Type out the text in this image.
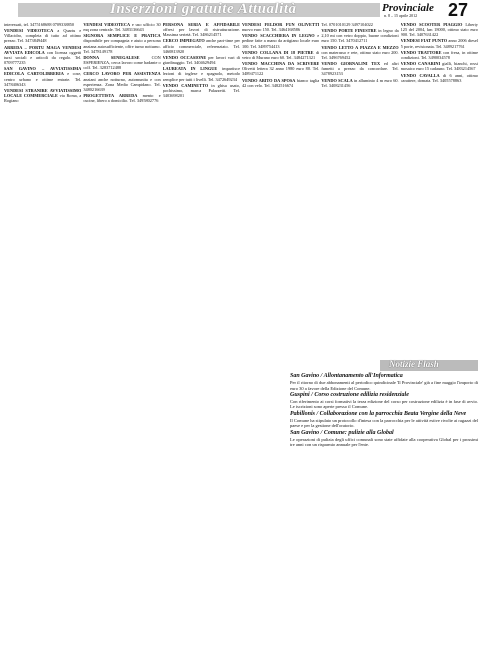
Inserzioni gratuite Attualità	Provinciale
n. 8 – 15 aprile 2012 27

interessati, tel. 3475168688 0709338850

VENDESI VIDEOTECA a Quartu e Villacidro, completa di tutto ad ottimo prezzo. Tel. 3473849448

ARREDA – PORTU MAGA VENDESI AVVIATA EDICOLA con licenza oggetti tursi sociali e articoli da regalo. Tel. 0709777235

SAN GAVINO – AVVIATISSIMA EDICOLA CARTOLIBRERIA e cose, centro urbano e ottime entrate. Tel. 3478406343

VENDESI STRANIRE AVVIATISSIMO LOCALE COMMERCIALE via Roma, a Rogiano

VENDESI VIDEOTECA e uso ufficio 30 mq zona centrale. Tel. 3483136643

SIGNORA SEMPLICE E PRATICA disponibile per compagnia e aiuto a persona anziana autosufficiente, offre turno notturno. Tel. 3478149178

DONNA SENEGALESE	CON ESPERIENZA, cerca lavoro come badante o colf. Tel. 3283712488

CERCO LAVORO PER ASSISTENZA anziani anche notturno, automunita e con esperienza. Zona Medio Campidano. Tel. 3480216639

PROGETTISTA ARREDA mento e cucine, libero a domicilio. Tel. 3495802776

PERSONA SERIA E AFFIDABILE offresi per lavori di ristrutturazione. Massima serietà. Tel. 3486214571

CERCO IMPIEGATO anche part-time per ufficio commerciale, referenziato. Tel. 3460813920

VENDO OCCASIONE per lavori vari di giardinaggio. Tel. 3404629494

LAUREATA IN LINGUE impartisce lezioni di inglese e spagnolo, metodo semplice per tutti i livelli. Tel. 3472649234

VENDO CAMINETTO in ghisa usato, pochissimo, marca Palazzetti. Tel. 3403698201

VENDESI FELDOR FUN OLIVETTI nuovo euro 150. Tel. 3464168586

VENDO SCACCHIERA IN LEGNO e pedine fatte a mano da artigiano locale euro 100. Tel. 3489754413

VENDO COLLANA DI 18 PIETRE di vetro di Murano euro 60. Tel. 3484271321

VENDO MACCHINA DA SCRIVERE Olivetti lettera 32 anno 1980 euro 80. Tel. 3489471122

VENDO ABITO DA SPOSA bianco taglia 42 con velo. Tel. 3482516674

Tel. 0701010129 3497104022

VENDO PORTE FINESTRE in legno da 2,10 mt con vetro doppio, buone condizioni euro 150. Tel. 3470412711

VENDO LETTO A PIAZZA E MEZZO con materasso e rete, ottimo stato euro 200. Tel. 3496769452

VENDO GIORNALINI TEX ed altri fumetti a prezzo da concordare. Tel. 3478923153

VENDO SCALA in alluminio 4 m euro 60. Tel. 3408231456

VENDO SCOOTER PIAGGIO Liberty 125 del 2004, km 18000, ottimo stato euro 900. Tel. 3407631422

VENDESI FIAT PUNTO anno 2006 diesel 5 porte, revisionata. Tel. 3489217761

VENDO TRATTORE con fresa, in ottime condizioni. Tel. 3490034578

VENDO CANARINI gialli, bianchi, rossi mosaico euro 15 cadauno. Tel. 3483214567

VENDO CAVALLA di 6 anni, ottimo carattere, domata. Tel. 3405578863

Notizie Flash
San Gavino / Allontanamento all'Informatica

Per il ritorno di due abbonamenti al periodico quindicinale 'Il Provinciale' già a fine maggio l'importo di euro 30 a favore della Edizione del Comune.

Guspini / Corso costruzione edilizia residenziale

Con riferimento ai corsi formativi la terza edizione del corso per costruzione edilizia è in fase di avvio. Le iscrizioni sono aperte presso il Comune.

Pabillonis / Collaborazione con la parrocchia Beata Vergine della Neve

Il Comune ha stipulato un protocollo d'intesa con la parrocchia per le attività estive rivolte ai ragazzi del paese e per la gestione dell'oratorio.

San Gavino / Comune: pulizie alla Global

Le operazioni di pulizia degli uffici comunali sono state affidate alla cooperativa Global per i prossimi tre anni con un risparmio annuale per l'ente.
